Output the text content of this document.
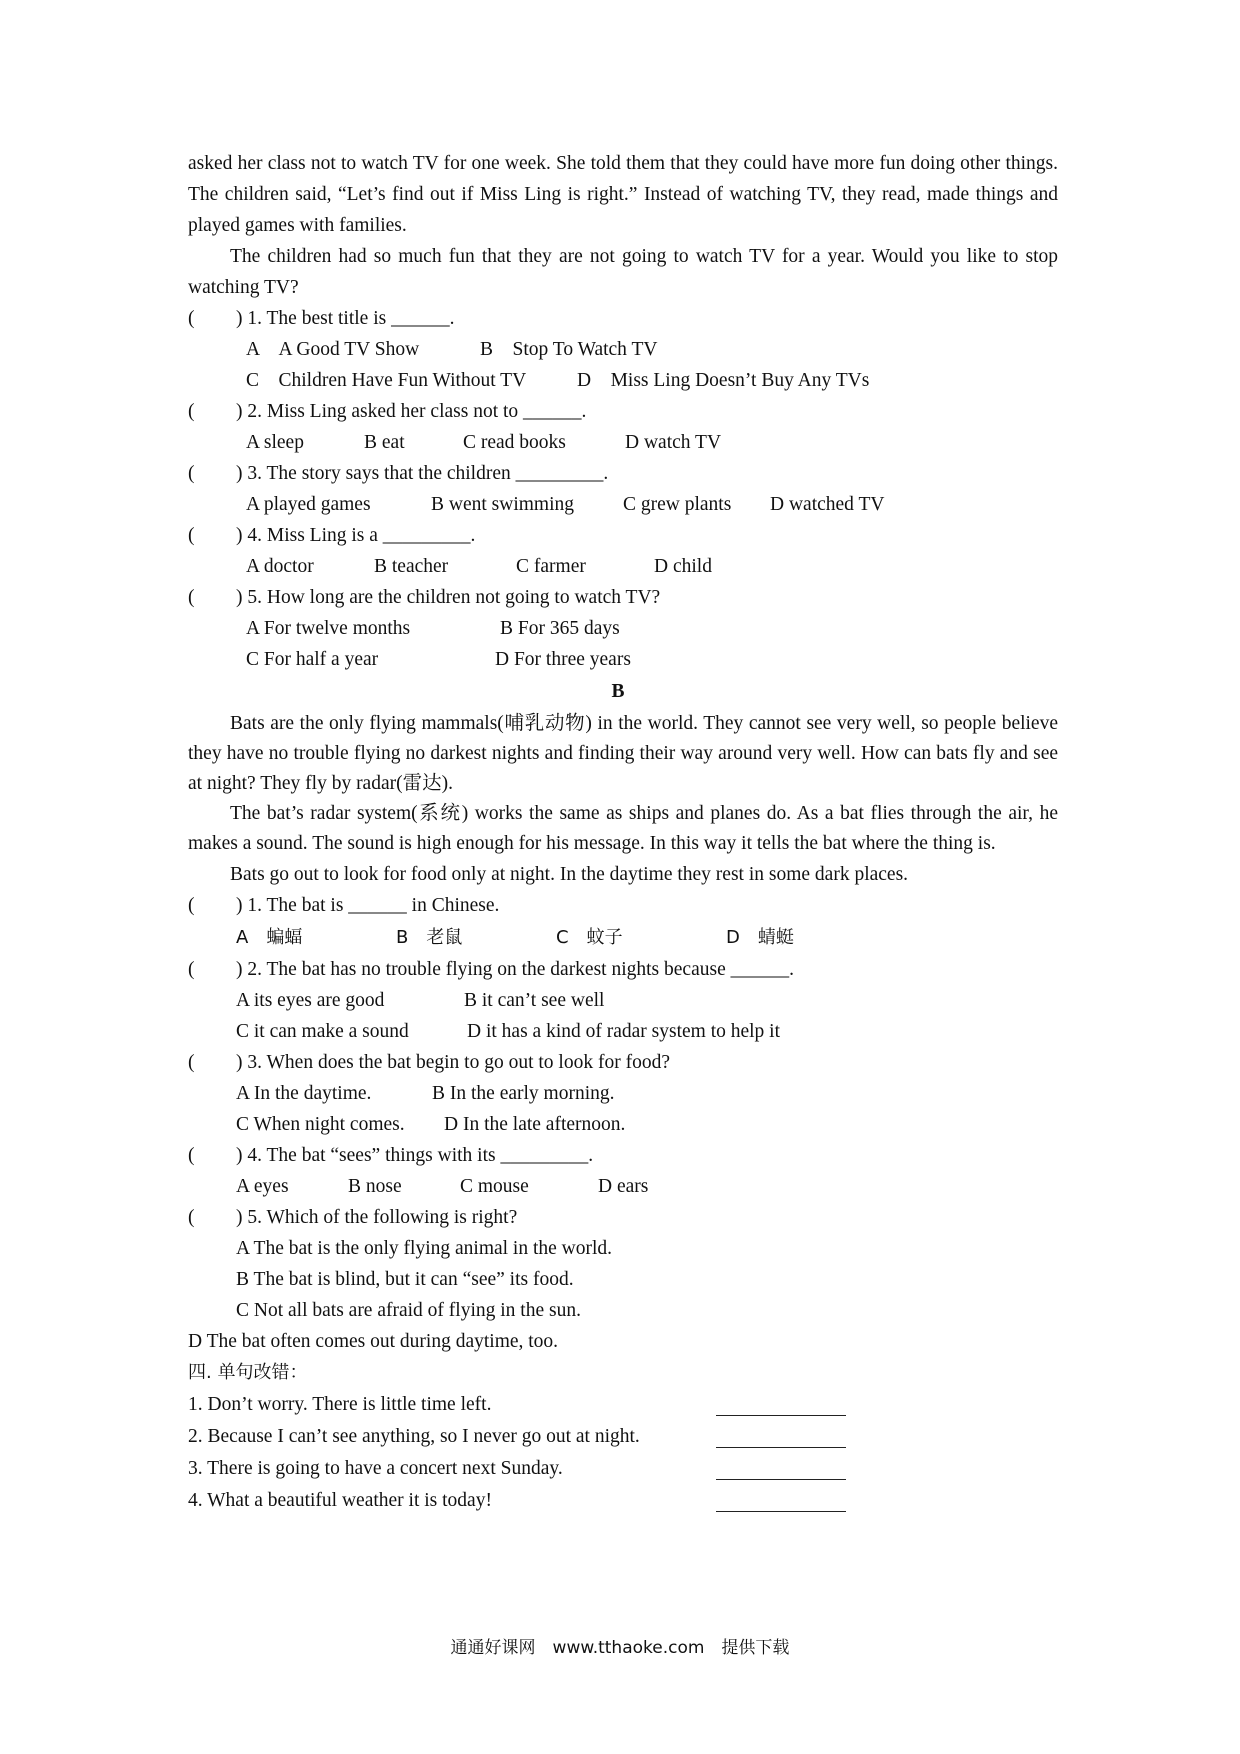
asked her class not to watch TV for one week. She told them that they could have more fun doing other things. The children said, “Let’s find out if Miss Ling is right.” Instead of watching TV, they read, made things and played games with families.

The children had so much fun that they are not going to watch TV for a year. Would you like to stop watching TV?

( ) 1. The best title is ______.
A　A Good TV Show	B　Stop To Watch TV
C　Children Have Fun Without TV	D　Miss Ling Doesn’t Buy Any TVs
( ) 2. Miss Ling asked her class not to ______.
A sleep	B eat	C read books	D watch TV
( ) 3. The story says that the children _________.
A played games	B went swimming	C grew plants D watched TV
( ) 4. Miss Ling is a _________.
A doctor	B teacher	C farmer	D child
( ) 5. How long are the children not going to watch TV?
A For twelve months	B For 365 days
C For half a year	D For three years
B

Bats are the only flying mammals(哺乳动物) in the world. They cannot see very well, so people believe they have no trouble flying no darkest nights and finding their way around very well. How can bats fly and see at night? They fly by radar(雷达).

The bat’s radar system(系统) works the same as ships and planes do. As a bat flies through the air, he makes a sound. The sound is high enough for his message. In this way it tells the bat where the thing is.

Bats go out to look for food only at night. In the daytime they rest in some dark places.

( ) 1. The bat is ______ in Chinese.
A　蝙蝠	B　老鼠	C　蚊子	D　蜻蜓
( ) 2. The bat has no trouble flying on the darkest nights because ______.
A its eyes are good	B it can’t see well
C it can make a sound	D it has a kind of radar system to help it
( ) 3. When does the bat begin to go out to look for food?
A In the daytime.	B In the early morning.
C When night comes. D In the late afternoon.
( ) 4. The bat “sees” things with its _________.
A eyes	B nose	C mouse	D ears
( ) 5. Which of the following is right?
A The bat is the only flying animal in the world.
B The bat is blind, but it can “see” its food.
C Not all bats are afraid of flying in the sun.
D The bat often comes out during daytime, too.
四. 单句改错：
1. Don’t worry. There is little time left.
2. Because I can’t see anything, so I never go out at night.
3. There is going to have a concert next Sunday.
4. What a beautiful weather it is today!
通通好课网　www.tthaoke.com　提供下载
